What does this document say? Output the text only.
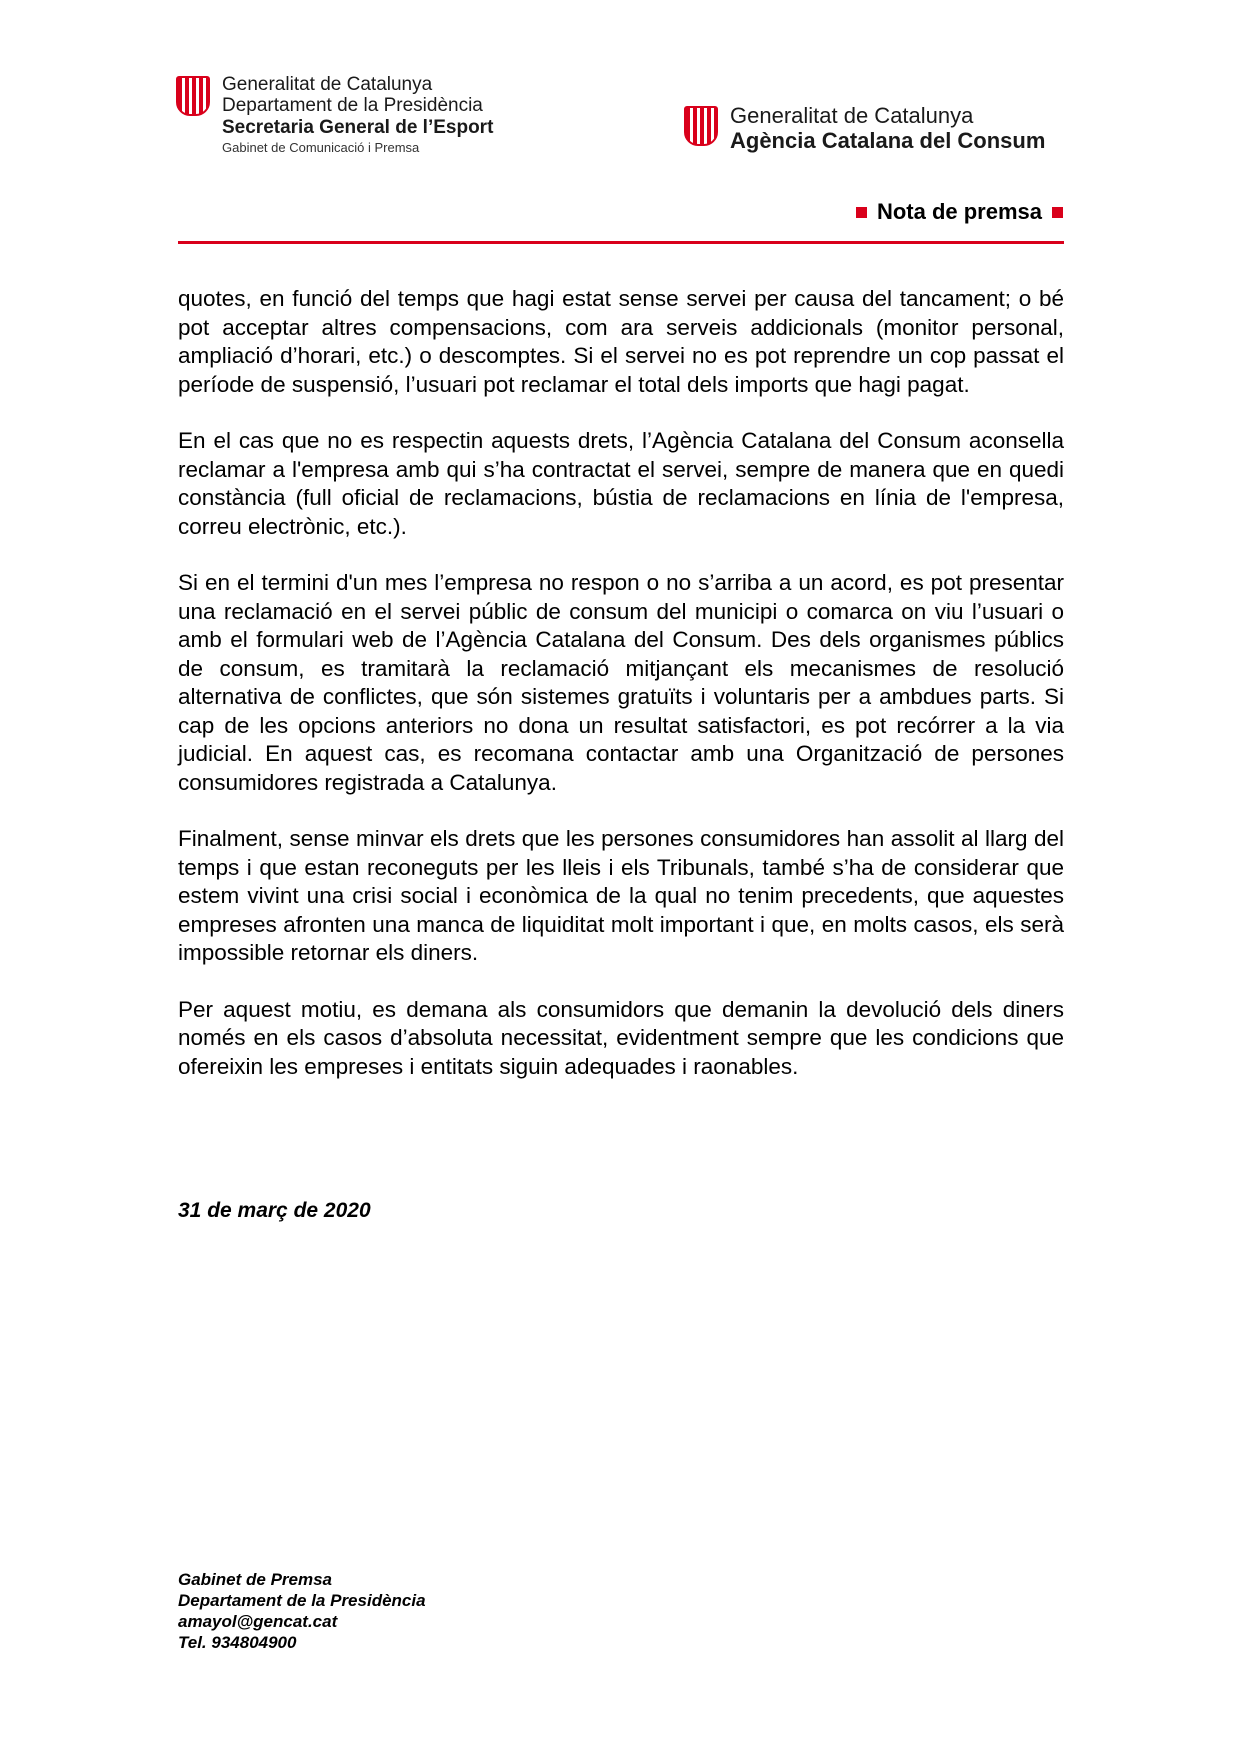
Generalitat de Catalunya
Departament de la Presidència
Secretaria General de l’Esport
Gabinet de Comunicació i Premsa
Generalitat de Catalunya
Agència Catalana del Consum
Nota de premsa

quotes, en funció del temps que hagi estat sense servei per causa del tancament; o bé pot acceptar altres compensacions, com ara serveis addicionals (monitor personal, ampliació d’horari, etc.) o descomptes. Si el servei no es pot reprendre un cop passat el període de suspensió, l’usuari pot reclamar el total dels imports que hagi pagat.

En el cas que no es respectin aquests drets, l’Agència Catalana del Consum aconsella reclamar a l'empresa amb qui s’ha contractat el servei, sempre de manera que en quedi constància (full oficial de reclamacions, bústia de reclamacions en línia de l'empresa, correu electrònic, etc.).

Si en el termini d'un mes l’empresa no respon o no s’arriba a un acord, es pot presentar una reclamació en el servei públic de consum del municipi o comarca on viu l’usuari o amb el formulari web de l’Agència Catalana del Consum. Des dels organismes públics de consum, es tramitarà la reclamació mitjançant els mecanismes de resolució alternativa de conflictes, que són sistemes gratuïts i voluntaris per a ambdues parts. Si cap de les opcions anteriors no dona un resultat satisfactori, es pot recórrer a la via judicial. En aquest cas, es recomana contactar amb una Organització de persones consumidores registrada a Catalunya.

Finalment, sense minvar els drets que les persones consumidores han assolit al llarg del temps i que estan reconeguts per les lleis i els Tribunals, també s’ha de considerar que estem vivint una crisi social i econòmica de la qual no tenim precedents, que aquestes empreses afronten una manca de liquiditat molt important i que, en molts casos, els serà impossible retornar els diners.

Per aquest motiu, es demana als consumidors que demanin la devolució dels diners només en els casos d’absoluta necessitat, evidentment sempre que les condicions que ofereixin les empreses i entitats siguin adequades i raonables.

31 de març de 2020
Gabinet de Premsa
Departament de la Presidència
amayol@gencat.cat
Tel. 934804900
